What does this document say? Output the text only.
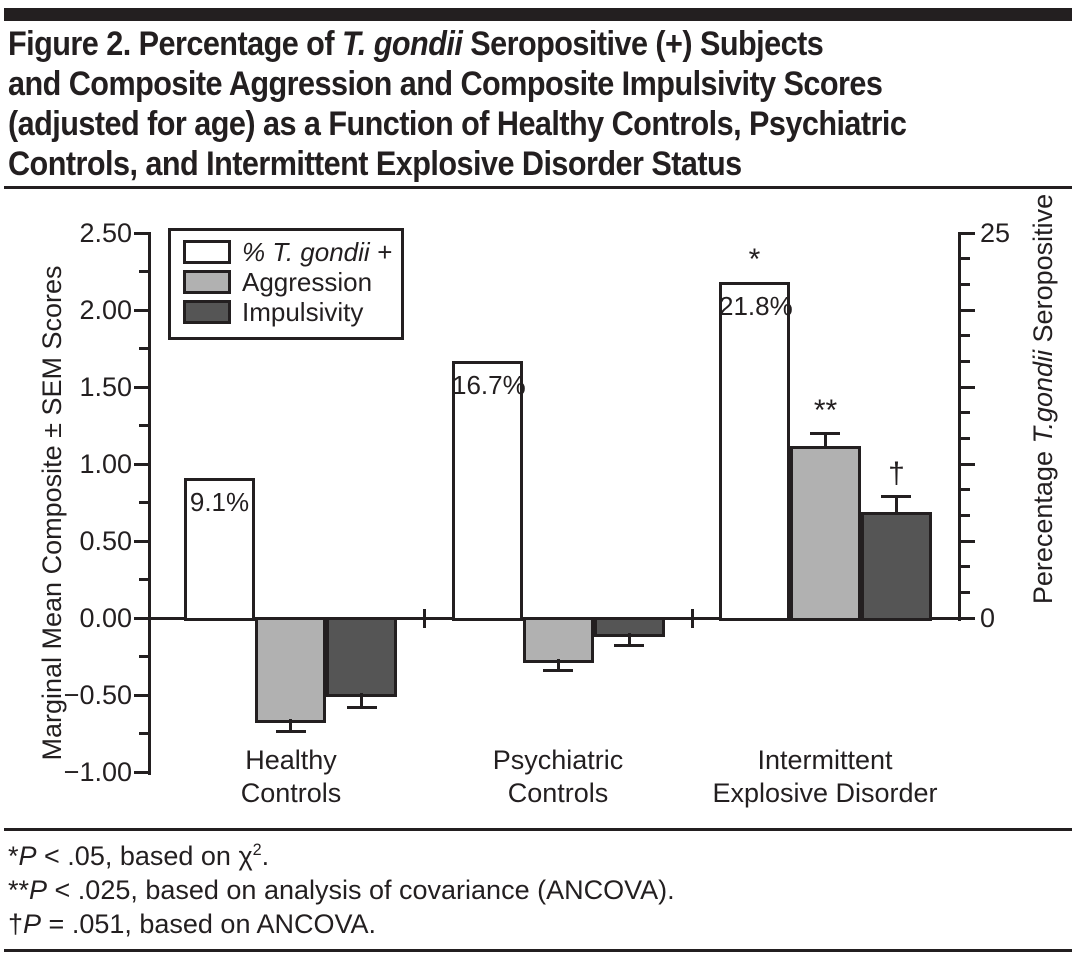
Figure 2. Percentage of T. gondii Seropositive (+) Subjects
and Composite Aggression and Composite Impulsivity Scores
(adjusted for age) as a Function of Healthy Controls, Psychiatric
Controls, and Intermittent Explosive Disorder Status
Marginal Mean Composite ± SEM Scores	Perecentage T.gondii Seropositive
% T. gondii +
Aggression
Impulsivity
−1.00
−0.50
0.00
0.50
1.00
1.50
2.00
2.50
0
25
9.1%
16.7%
21.8%
*
**
†
Healthy
Controls
Psychiatric
Controls
Intermittent
Explosive Disorder
*P < .05, based on $\chi^2$.
**P < .025, based on analysis of covariance (ANCOVA).
†P = .051, based on ANCOVA.
